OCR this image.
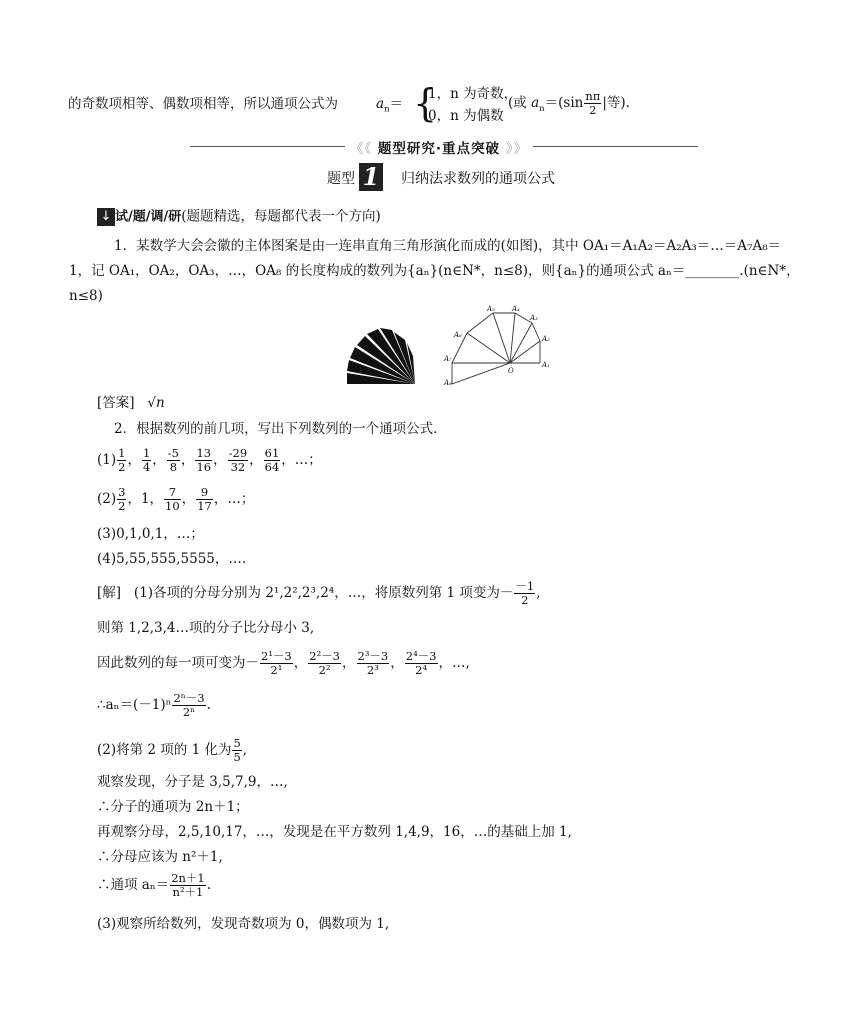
的奇数项相等、偶数项相等，所以通项公式为	$a_n=$ {
1，n 为奇数，
0，n 为偶数
(或 $a_n=(\sin \frac{n\pi}{2}$ |等).
《《 题型研究·重点突破 》》
题型 1 归纳法求数列的通项公式
↓ 试/题/调/研(题题精选，每题都代表一个方向)
1．某数学大会会徽的主体图案是由一连串直角三角形演化而成的(如图)，其中 OA₁＝A₁A₂＝A₂A₃＝…＝A₇A₈＝
1，记 OA₁，OA₂，OA₃，…，OA₈ 的长度构成的数列为{aₙ}(n∈N*，n≤8)，则{aₙ}的通项公式 aₙ＝________.(n∈N*，
n≤8)
A₁
A₂
A₃
A₄
A₅
A₆
A₇
A₈
O
[答案] √n
2．根据数列的前几项，写出下列数列的一个通项公式．
$(1) \frac{1}{2}$ ， $\frac{1}{4}$ ， $\frac{-5}{8}$ ， $\frac{13}{16}$ ， $\frac{-29}{32}$ ， $\frac{61}{64}$ ，…；
$(2) \frac{3}{2}$ ，1， $\frac{7}{10}$ ， $\frac{9}{17}$ ，…；
(3)0,1,0,1，…；
(4)5,55,555,5555，….
[解] (1)各项的分母分别为 2¹,2²,2³,2⁴，…，将原数列第 1 项变为－ $\frac{-1}{2}$ ,
则第 1,2,3,4…项的分子比分母小 3,
因此数列的每一项可变为－ $\frac{\text{2¹－3}}{\text{2¹}}$ ， $\frac{\text{2²－3}}{\text{2²}}$ ， $\frac{\text{2³－3}}{\text{2³}}$ ， $\frac{\text{2⁴－3}}{\text{2⁴}}$ ，…,
∴aₙ＝(－1)ⁿ $\frac{\text{2ⁿ－3}}{\text{2ⁿ}}$ .
(2)将第 2 项的 1 化为 $\frac{5}{5}$ ,
观察发现，分子是 3,5,7,9，…,
∴分子的通项为 2n＋1；
再观察分母，2,5,10,17，…，发现是在平方数列 1,4,9，16，…的基础上加 1,
∴分母应该为 n²＋1,
∴通项 $a_n= \frac{2n+1}{\text{n²＋1}}$ .
(3)观察所给数列，发现奇数项为 0，偶数项为 1,
